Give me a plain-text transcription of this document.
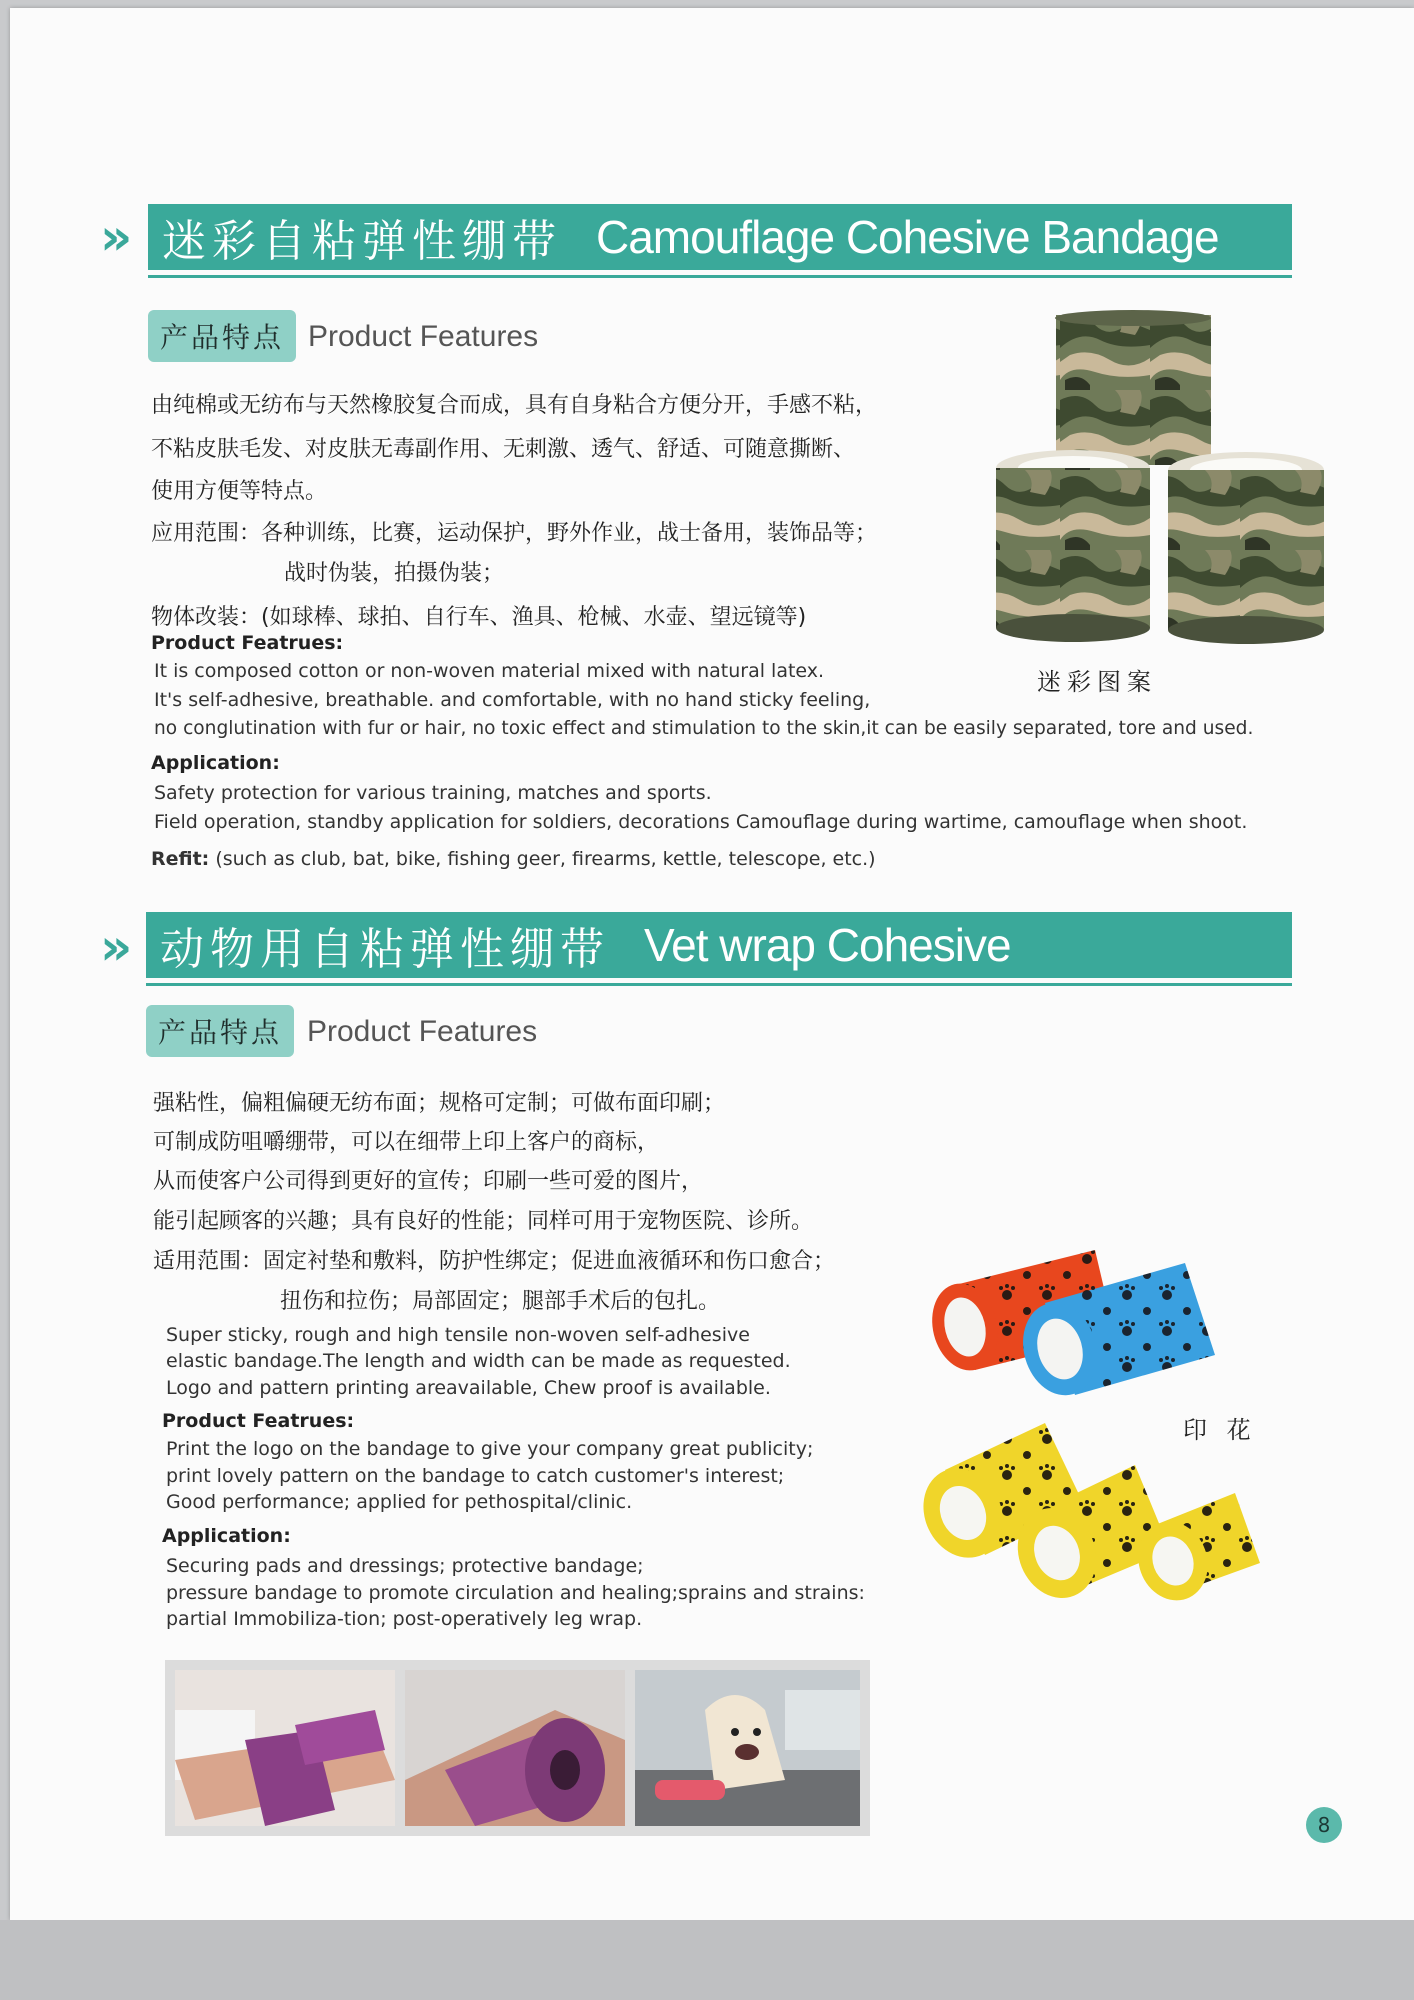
» 迷彩自粘弹性绷带 Camouflage Cohesive Bandage
产品特点 Product Features
由纯棉或无纺布与天然橡胶复合而成，具有自身粘合方便分开，手感不粘，
不粘皮肤毛发、对皮肤无毒副作用、无刺激、透气、舒适、可随意撕断、
使用方便等特点。
应用范围：各种训练，比赛，运动保护，野外作业，战士备用，装饰品等；
战时伪装，拍摄伪装；
物体改装：(如球棒、球拍、自行车、渔具、枪械、水壶、望远镜等)
Product Featrues:
It is composed cotton or non-woven material mixed with natural latex.
It's self-adhesive, breathable. and comfortable, with no hand sticky feeling,
no conglutination with fur or hair, no toxic effect and stimulation to the skin,it can be easily separated, tore and used.
Application:
Safety protection for various training, matches and sports.
Field operation, standby application for soldiers, decorations Camouflage during wartime, camouflage when shoot.
Refit: (such as club, bat, bike, fishing geer, firearms, kettle, telescope, etc.)
迷彩图案
» 动物用自粘弹性绷带 Vet wrap Cohesive
产品特点 Product Features
强粘性，偏粗偏硬无纺布面；规格可定制；可做布面印刷；
可制成防咀嚼绷带，可以在细带上印上客户的商标，
从而使客户公司得到更好的宣传；印刷一些可爱的图片，
能引起顾客的兴趣；具有良好的性能；同样可用于宠物医院、诊所。
适用范围：固定衬垫和敷料，防护性绑定；促进血液循环和伤口愈合；
扭伤和拉伤；局部固定；腿部手术后的包扎。
Super sticky, rough and high tensile non-woven self-adhesive
elastic bandage.The length and width can be made as requested.
Logo and pattern printing areavailable, Chew proof is available.
Product Featrues:
Print the logo on the bandage to give your company great publicity;
print lovely pattern on the bandage to catch customer's interest;
Good performance; applied for pethospital/clinic.
Application:
Securing pads and dressings; protective bandage;
pressure bandage to promote circulation and healing;sprains and strains:
partial Immobiliza-tion; post-operatively leg wrap.
印 花
8
